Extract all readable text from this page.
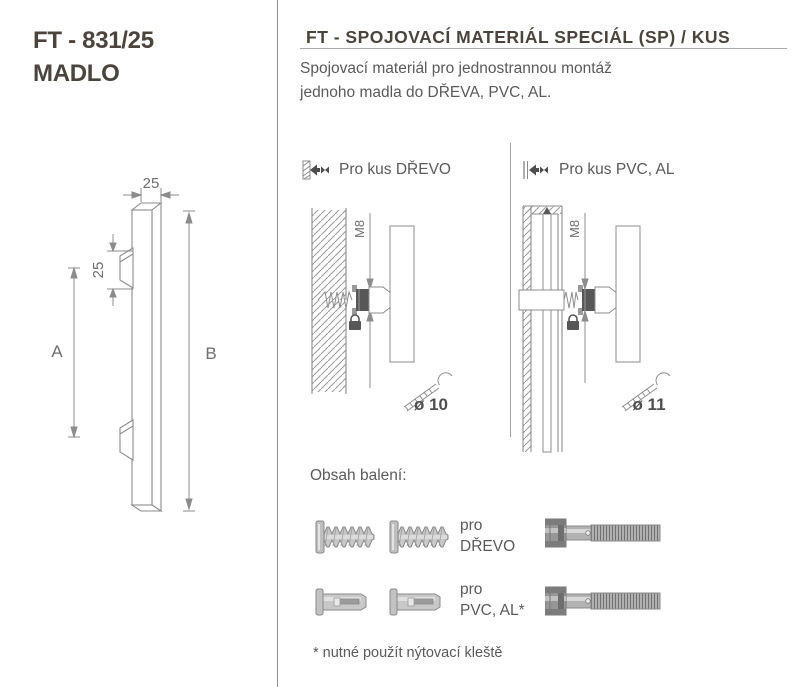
FT - 831/25
MADLO
25
25
A	B
FT - SPOJOVACÍ MATERIÁL SPECIÁL (SP) / KUS
Spojovací materiál pro jednostrannou montáž
jednoho madla do DŘEVA, PVC, AL.
Pro kus DŘEVO	Pro kus PVC, AL
M8
ø 10
M8
ø 11
Obsah balení:
pro
DŘEVO
pro
PVC, AL*
* nutné použít nýtovací kleště
